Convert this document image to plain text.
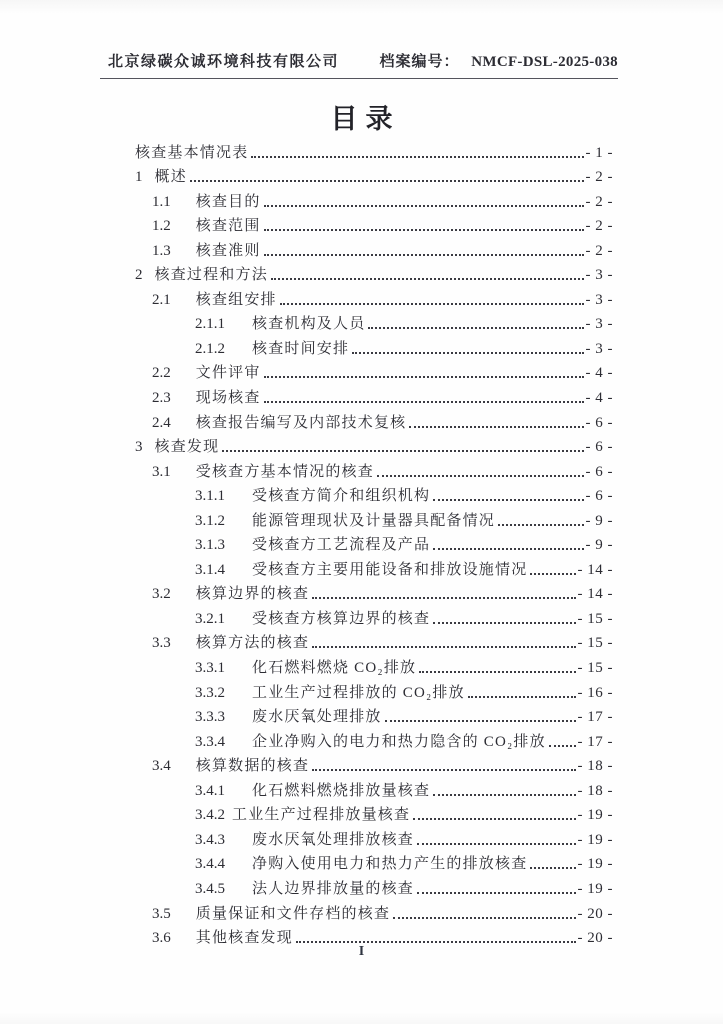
北京绿碳众诚环境科技有限公司	档案编号： NMCF-DSL-2025-038
目录
核查基本情况表	- 1 -
1 概述	- 2 -
1.1 核查目的	- 2 -
1.2 核查范围	- 2 -
1.3 核查准则	- 2 -
2 核查过程和方法	- 3 -
2.1 核查组安排	- 3 -
2.1.1 核查机构及人员	- 3 -
2.1.2 核查时间安排	- 3 -
2.2 文件评审	- 4 -
2.3 现场核查	- 4 -
2.4 核查报告编写及内部技术复核	- 6 -
3 核查发现	- 6 -
3.1 受核查方基本情况的核查	- 6 -
3.1.1 受核查方简介和组织机构	- 6 -
3.1.2 能源管理现状及计量器具配备情况	- 9 -
3.1.3 受核查方工艺流程及产品	- 9 -
3.1.4 受核查方主要用能设备和排放设施情况	- 14 -
3.2 核算边界的核查	- 14 -
3.2.1 受核查方核算边界的核查	- 15 -
3.3 核算方法的核查	- 15 -
3.3.1 化石燃料燃烧 CO₂排放	- 15 -
3.3.2 工业生产过程排放的 CO₂排放	- 16 -
3.3.3 废水厌氧处理排放	- 17 -
3.3.4 企业净购入的电力和热力隐含的 CO₂排放 - 17 -
3.4 核算数据的核查	- 18 -
3.4.1 化石燃料燃烧排放量核查	- 18 -
3.4.2 工业生产过程排放量核查	- 19 -
3.4.3 废水厌氧处理排放核查	- 19 -
3.4.4 净购入使用电力和热力产生的排放核查	- 19 -
3.4.5 法人边界排放量的核查	- 19 -
3.5 质量保证和文件存档的核查	- 20 -
3.6 其他核查发现	- 20 -
I
